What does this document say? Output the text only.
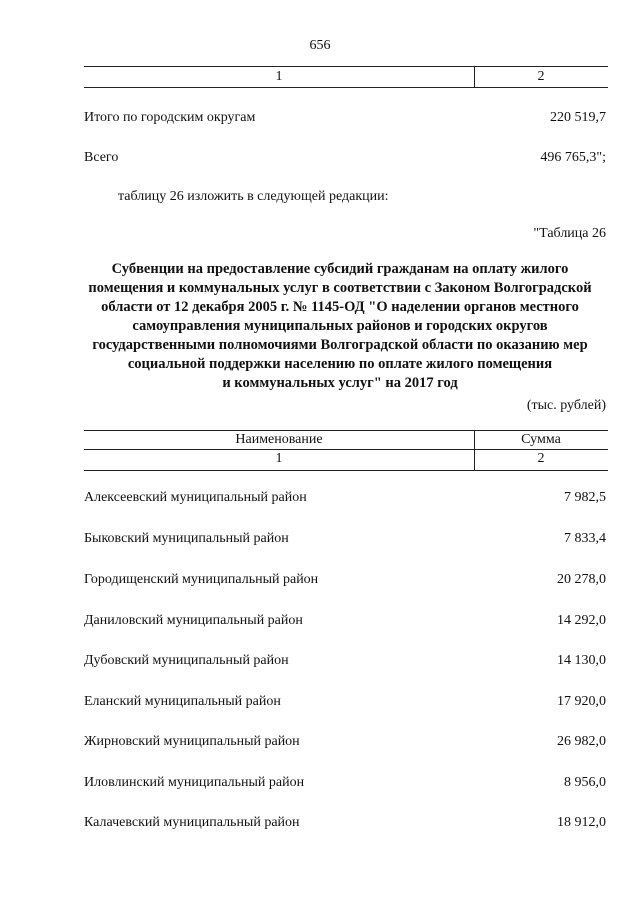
656
1	2
Итого по городским округам	220 519,7
Всего	496 765,3";
таблицу 26 изложить в следующей редакции:
"Таблица 26
Субвенции на предоставление субсидий гражданам на оплату жилого
помещения и коммунальных услуг в соответствии с Законом Волгоградской
области от 12 декабря 2005 г. № 1145-ОД "О наделении органов местного
самоуправления муниципальных районов и городских округов
государственными полномочиями Волгоградской области по оказанию мер
социальной поддержки населению по оплате жилого помещения
и коммунальных услуг" на 2017 год
(тыс. рублей)
Наименование	Сумма
1	2
Алексеевский муниципальный район	7 982,5
Быковский муниципальный район	7 833,4
Городищенский муниципальный район	20 278,0
Даниловский муниципальный район	14 292,0
Дубовский муниципальный район	14 130,0
Еланский муниципальный район	17 920,0
Жирновский муниципальный район	26 982,0
Иловлинский муниципальный район	8 956,0
Калачевский муниципальный район	18 912,0
